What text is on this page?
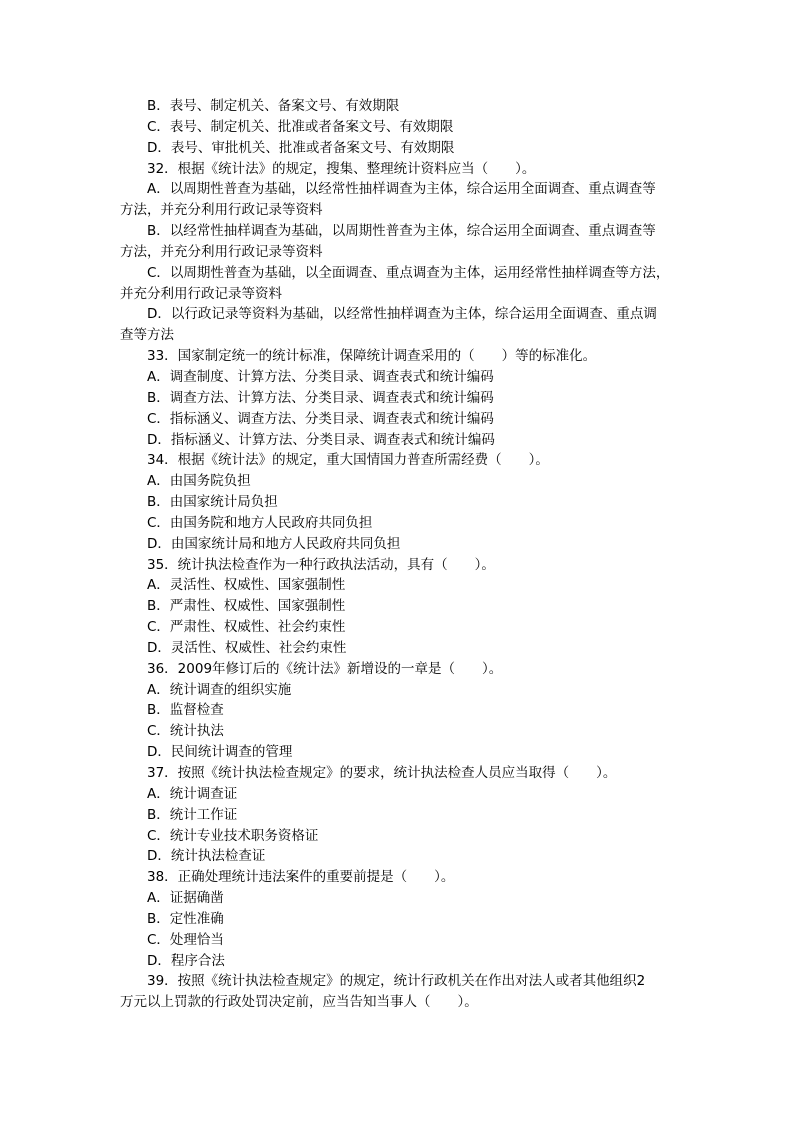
B．表号、制定机关、备案文号、有效期限
C．表号、制定机关、批准或者备案文号、有效期限
D．表号、审批机关、批准或者备案文号、有效期限
32．根据《统计法》的规定，搜集、整理统计资料应当（　　）。
A．以周期性普查为基础，以经常性抽样调查为主体，综合运用全面调查、重点调查等
方法，并充分利用行政记录等资料
B．以经常性抽样调查为基础，以周期性普查为主体，综合运用全面调查、重点调查等
方法，并充分利用行政记录等资料
C．以周期性普查为基础，以全面调查、重点调查为主体，运用经常性抽样调查等方法，
并充分利用行政记录等资料
D．以行政记录等资料为基础，以经常性抽样调查为主体，综合运用全面调查、重点调
查等方法
33．国家制定统一的统计标准，保障统计调查采用的（　　）等的标准化。
A．调查制度、计算方法、分类目录、调查表式和统计编码
B．调查方法、计算方法、分类目录、调查表式和统计编码
C．指标涵义、调查方法、分类目录、调查表式和统计编码
D．指标涵义、计算方法、分类目录、调查表式和统计编码
34．根据《统计法》的规定，重大国情国力普查所需经费（　　）。
A．由国务院负担
B．由国家统计局负担
C．由国务院和地方人民政府共同负担
D．由国家统计局和地方人民政府共同负担
35．统计执法检查作为一种行政执法活动，具有（　　）。
A．灵活性、权威性、国家强制性
B．严肃性、权威性、国家强制性
C．严肃性、权威性、社会约束性
D．灵活性、权威性、社会约束性
36．2009年修订后的《统计法》新增设的一章是（　　）。
A．统计调查的组织实施
B．监督检查
C．统计执法
D．民间统计调查的管理
37．按照《统计执法检查规定》的要求，统计执法检查人员应当取得（　　）。
A．统计调查证
B．统计工作证
C．统计专业技术职务资格证
D．统计执法检查证
38．正确处理统计违法案件的重要前提是（　　）。
A．证据确凿
B．定性准确
C．处理恰当
D．程序合法
39．按照《统计执法检查规定》的规定，统计行政机关在作出对法人或者其他组织2
万元以上罚款的行政处罚决定前，应当告知当事人（　　）。
